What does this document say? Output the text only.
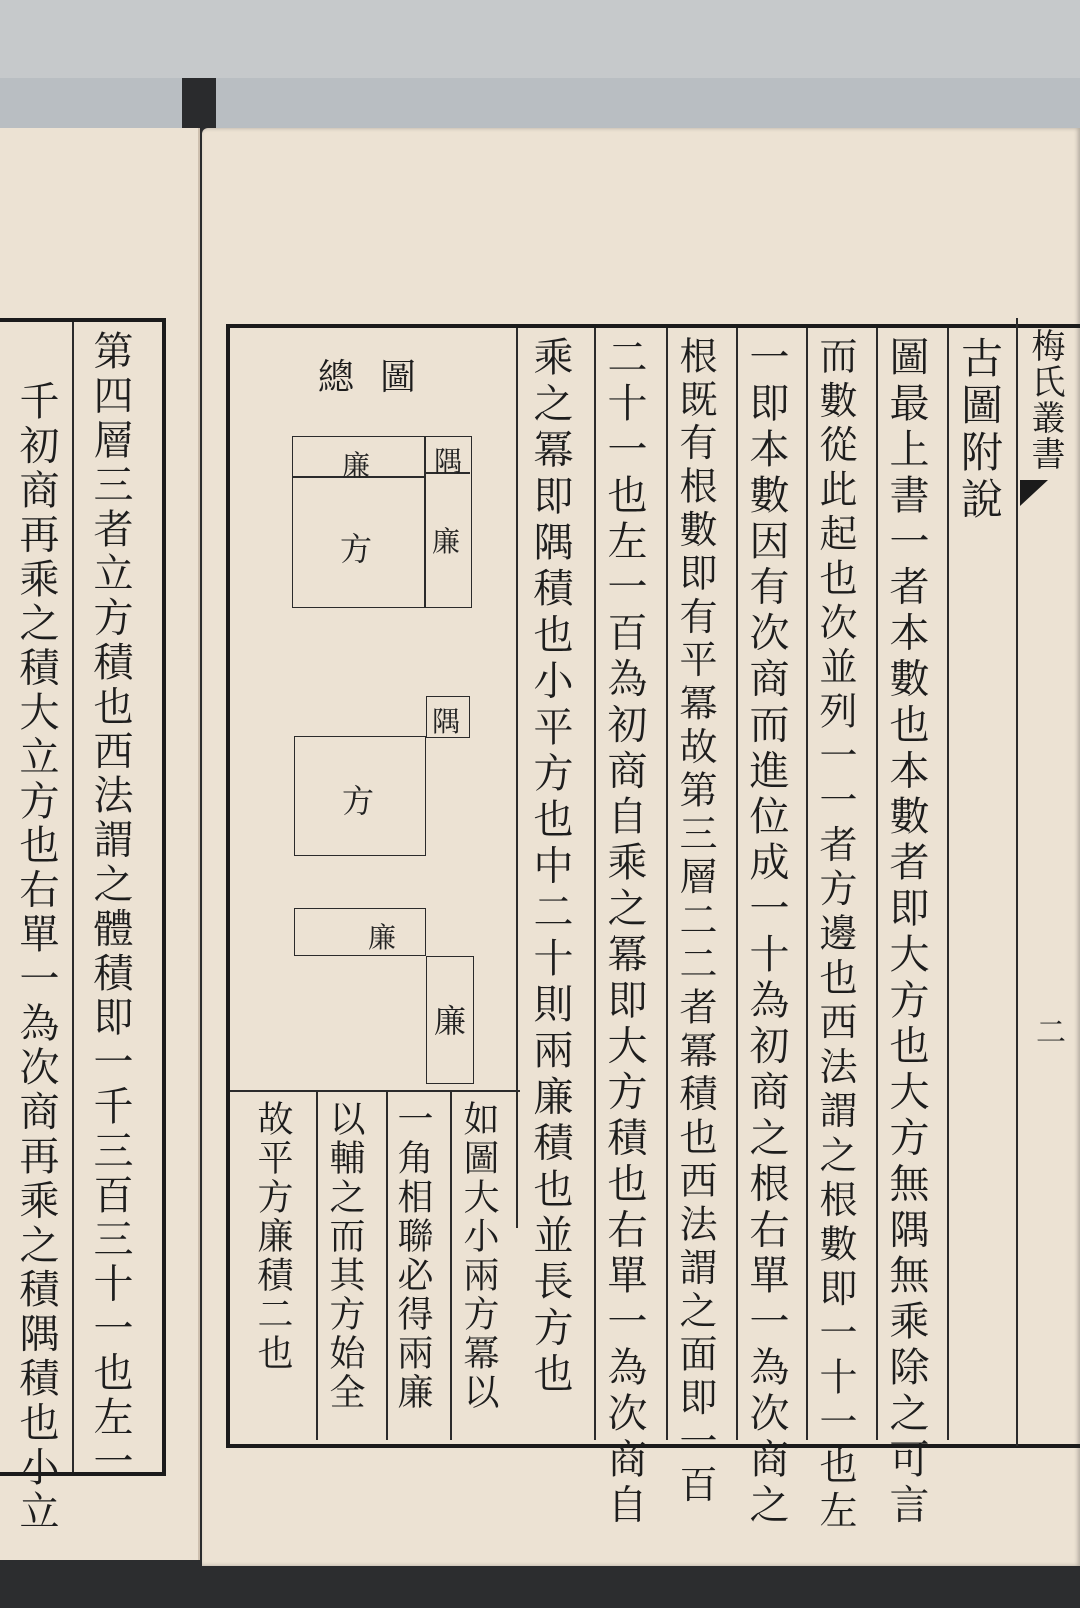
第四層三者立方積也西法謂之體積即一千三百三十一也左一
千初商再乘之積大立方也右單一為次商再乘之積隅積也小立	梅氏叢書
二
古圖附說
圖最上書一者本數也本數者即大方也大方無隅無乘除之可言
而數從此起也次並列一一者方邊也西法謂之根數即一十一也左
一即本數因有次商而進位成一十為初商之根右單一為次商之
根既有根數即有平冪故第三層二二者冪積也西法謂之面即一百
二十一也左一百為初商自乘之冪即大方積也右單一為次商自
乘之冪即隅積也小平方也中二十則兩廉積也並長方也
總圖
隅
廉
方 廉
隅
方
廉
廉
如圖大小兩方冪以
一角相聯必得兩廉
以輔之而其方始全
故平方廉積二也
